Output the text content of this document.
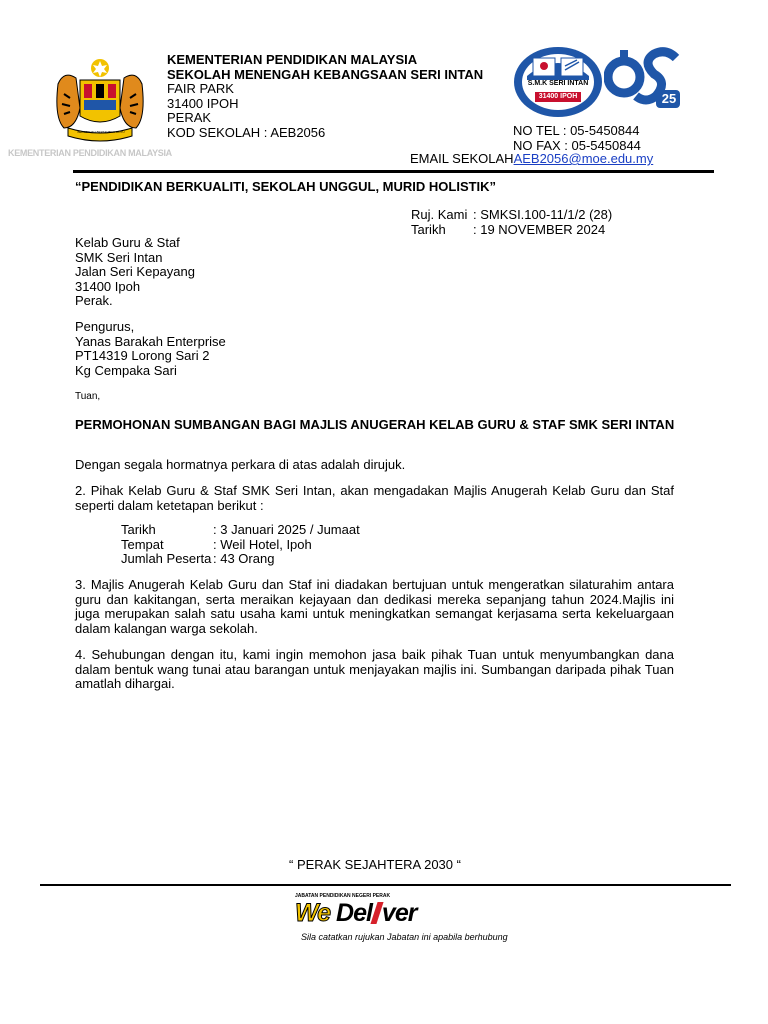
BERSEKUTU BERTAMBAH MUTU
KEMENTERIAN PENDIDIKAN MALAYSIA
KEMENTERIAN PENDIDIKAN MALAYSIA
SEKOLAH MENENGAH KEBANGSAAN SERI INTAN
FAIR PARK
31400 IPOH
PERAK
KOD SEKOLAH : AEB2056
S.M.K SERI INTAN
31400 IPOH	25
NO TEL : 05-5450844
NO FAX : 05-5450844
EMAIL SEKOLAHAEB2056@moe.edu.my
“PENDIDIKAN BERKUALITI, SEKOLAH UNGGUL, MURID HOLISTIK”
Ruj. Kami : SMKSI.100-11/1/2 (28)
Tarikh : 19 NOVEMBER 2024
Kelab Guru & Staf
SMK Seri Intan
Jalan Seri Kepayang
31400 Ipoh
Perak.
Pengurus,
Yanas Barakah Enterprise
PT14319 Lorong Sari 2
Kg Cempaka Sari
Tuan,
PERMOHONAN SUMBANGAN BAGI MAJLIS ANUGERAH KELAB GURU & STAF SMK SERI INTAN
Dengan segala hormatnya perkara di atas adalah dirujuk.
2. Pihak Kelab Guru & Staf SMK Seri Intan, akan mengadakan Majlis Anugerah Kelab Guru dan Staf seperti dalam ketetapan berikut :
Tarikh	: 3 Januari 2025 / Jumaat
Tempat	: Weil Hotel, Ipoh
Jumlah Peserta : 43 Orang
3. Majlis Anugerah Kelab Guru dan Staf ini diadakan bertujuan untuk mengeratkan silaturahim antara guru dan kakitangan, serta meraikan kejayaan dan dedikasi mereka sepanjang tahun 2024.Majlis ini juga merupakan salah satu usaha kami untuk meningkatkan semangat kerjasama serta kekeluargaan dalam kalangan warga sekolah.
4. Sehubungan dengan itu, kami ingin memohon jasa baik pihak Tuan untuk menyumbangkan dana dalam bentuk wang tunai atau barangan untuk menjayakan majlis ini. Sumbangan daripada pihak Tuan amatlah dihargai.
“ PERAK SEJAHTERA 2030 “
JABATAN PENDIDIKAN NEGERI PERAK
We Del ver
Sila catatkan rujukan Jabatan ini apabila berhubung
